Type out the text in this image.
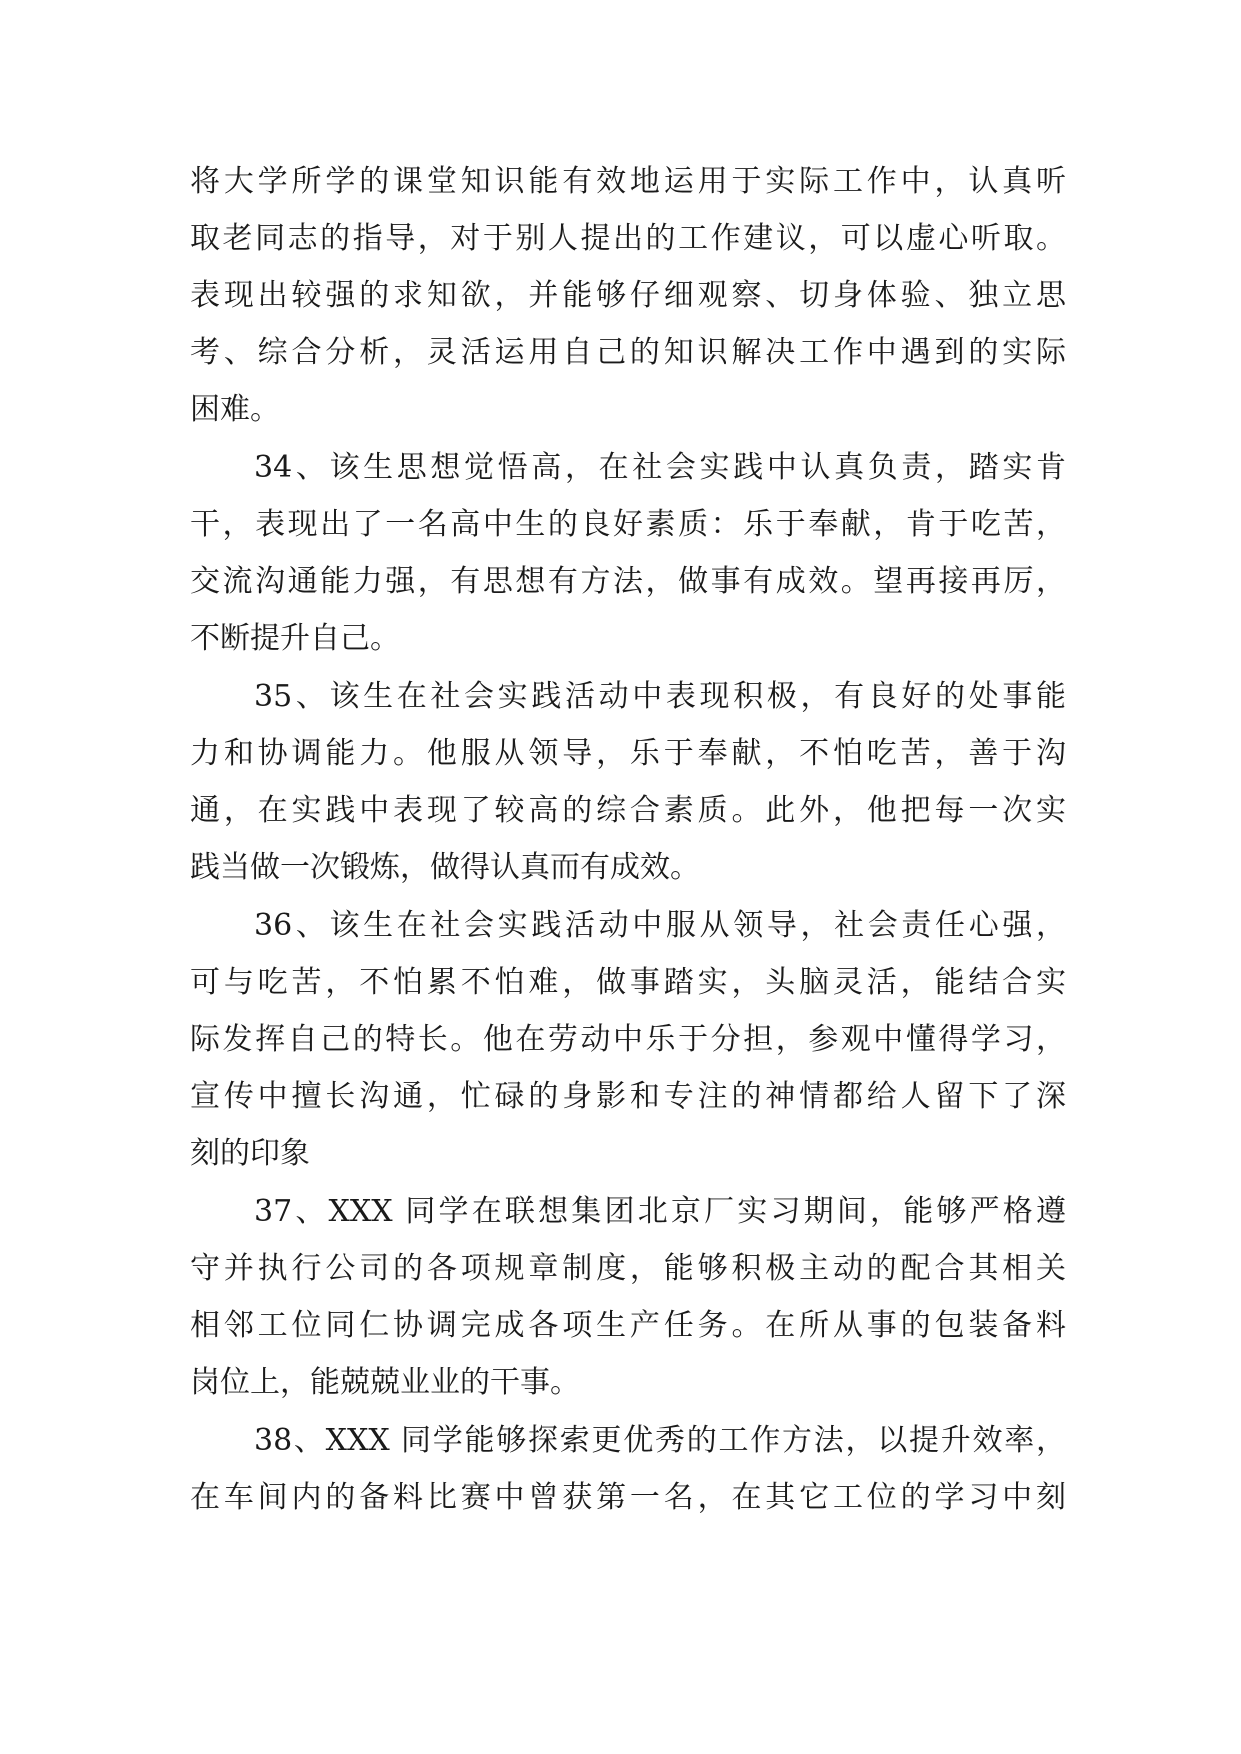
将大学所学的课堂知识能有效地运用于实际工作中，认真听
取老同志的指导，对于别人提出的工作建议，可以虚心听取。
表现出较强的求知欲，并能够仔细观察、切身体验、独立思
考、综合分析，灵活运用自己的知识解决工作中遇到的实际
困难。
34、该生思想觉悟高，在社会实践中认真负责，踏实肯
干，表现出了一名高中生的良好素质：乐于奉献，肯于吃苦，
交流沟通能力强，有思想有方法，做事有成效。望再接再厉，
不断提升自己。
35、该生在社会实践活动中表现积极，有良好的处事能
力和协调能力。他服从领导，乐于奉献，不怕吃苦，善于沟
通，在实践中表现了较高的综合素质。此外，他把每一次实
践当做一次锻炼，做得认真而有成效。
36、该生在社会实践活动中服从领导，社会责任心强，
可与吃苦，不怕累不怕难，做事踏实，头脑灵活，能结合实
际发挥自己的特长。他在劳动中乐于分担，参观中懂得学习，
宣传中擅长沟通，忙碌的身影和专注的神情都给人留下了深
刻的印象
37、XXX 同学在联想集团北京厂实习期间，能够严格遵
守并执行公司的各项规章制度，能够积极主动的配合其相关
相邻工位同仁协调完成各项生产任务。在所从事的包装备料
岗位上，能兢兢业业的干事。
38、XXX 同学能够探索更优秀的工作方法，以提升效率，
在车间内的备料比赛中曾获第一名，在其它工位的学习中刻
